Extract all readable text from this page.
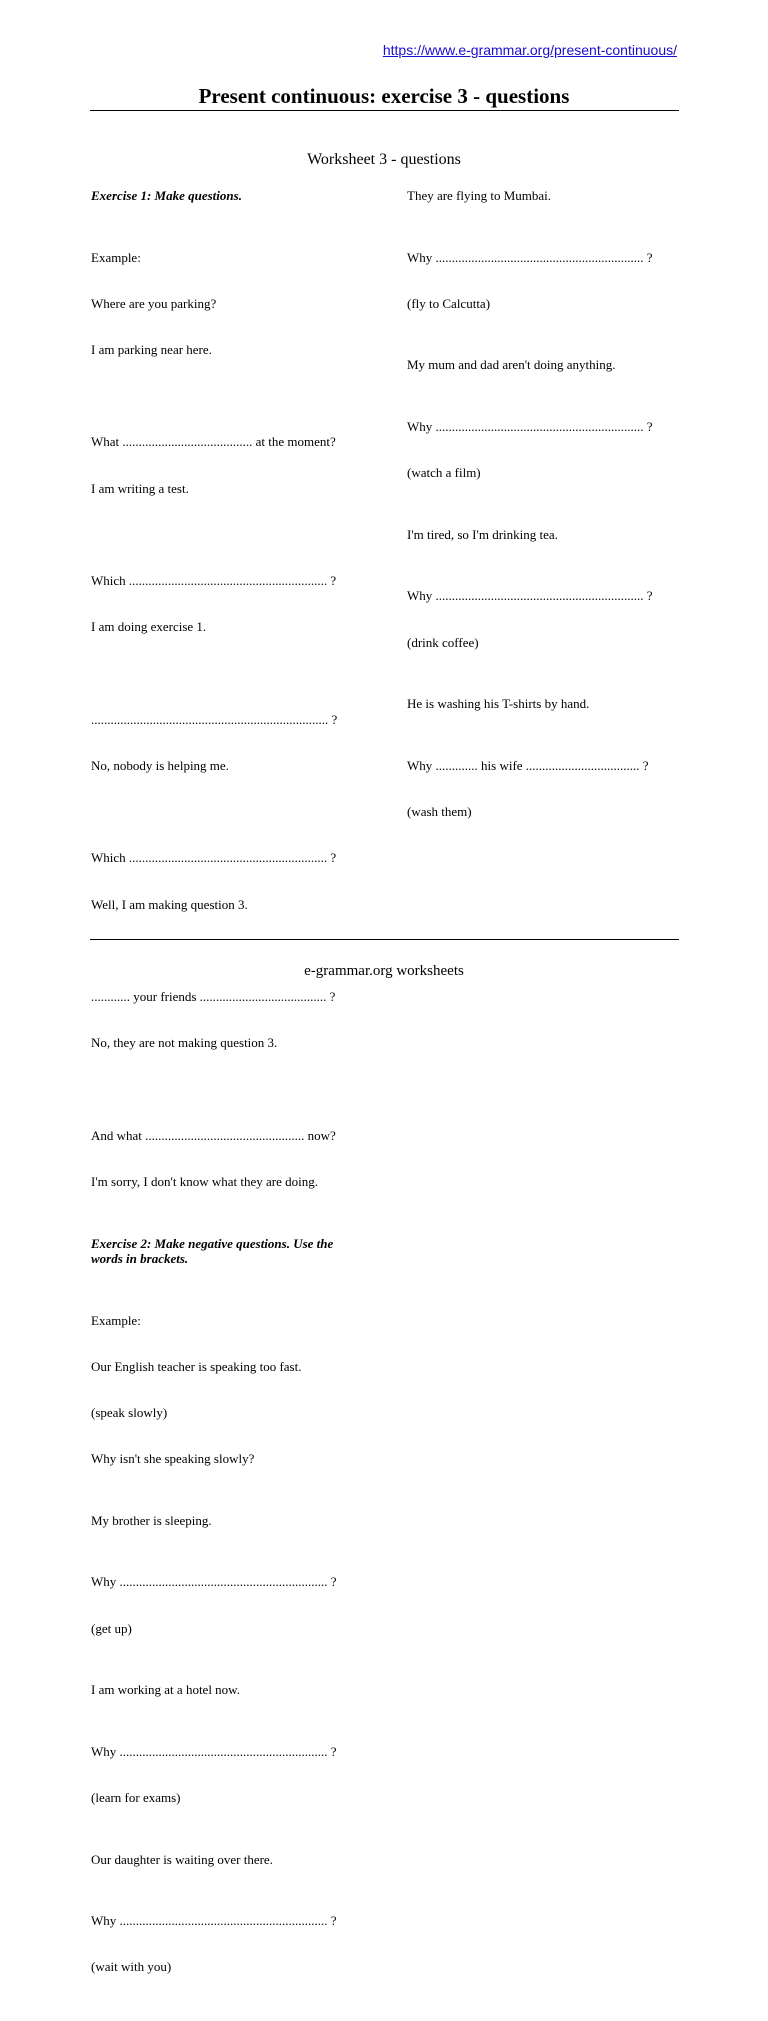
https://www.e-grammar.org/present-continuous/
Present continuous: exercise 3 - questions
Worksheet 3 - questions
Exercise 1: Make questions.

Example:

Where are you parking?

I am parking near here.

What ........................................ at the moment?

I am writing a test.

Which ............................................................. ?

I am doing exercise 1.

......................................................................... ?

No, nobody is helping me.

Which ............................................................. ?

Well, I am making question 3.

............ your friends ....................................... ?

No, they are not making question 3.

And what ................................................. now?

I'm sorry, I don't know what they are doing.

Exercise 2: Make negative questions. Use the words in brackets.

Example:

Our English teacher is speaking too fast.

(speak slowly)

Why isn't she speaking slowly?

My brother is sleeping.

Why ................................................................ ?

(get up)

I am working at a hotel now.

Why ................................................................ ?

(learn for exams)

Our daughter is waiting over there.

Why ................................................................ ?

(wait with you)

They are flying to Mumbai.

Why ................................................................ ?

(fly to Calcutta)

My mum and dad aren't doing anything.

Why ................................................................ ?

(watch a film)

I'm tired, so I'm drinking tea.

Why ................................................................ ?

(drink coffee)

He is washing his T-shirts by hand.

Why ............. his wife ................................... ?

(wash them)

e-grammar.org worksheets
